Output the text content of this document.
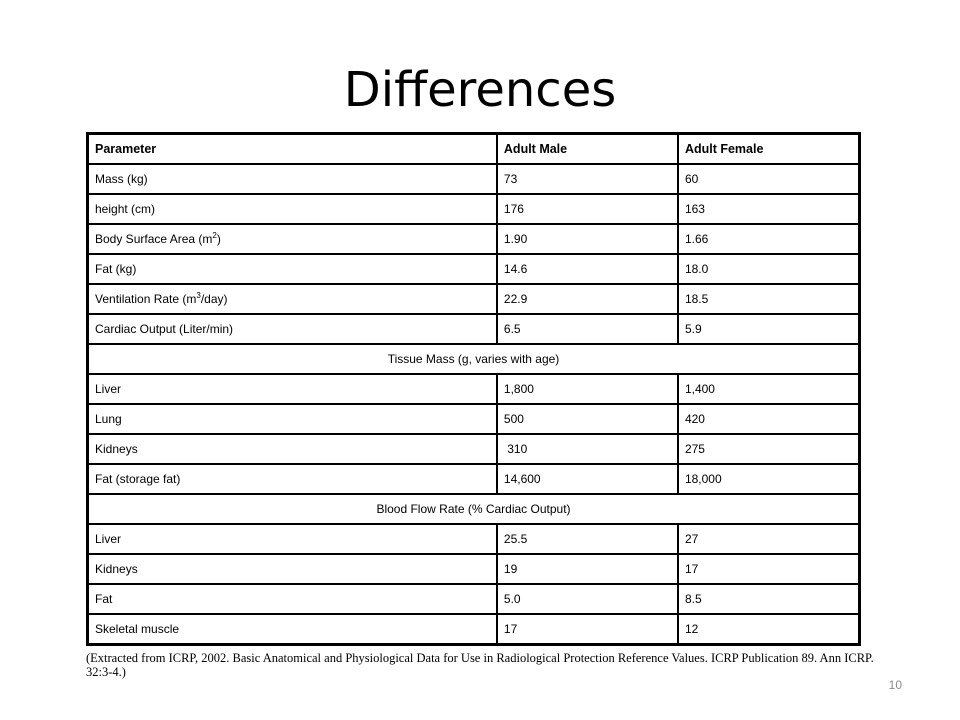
Differences
Parameter	Adult Male	Adult Female
Mass (kg)	73	60
height (cm)	176	163
Body Surface Area $(m^2)$	1.90	1.66
Fat (kg)	14.6	18.0
Ventilation Rate $(m^3/day)$	22.9	18.5
Cardiac Output (Liter/min)	6.5	5.9
Tissue Mass (g, varies with age)		
Liver	1,800	1,400
Lung	500	420
Kidneys	310	275
Fat (storage fat)	14,600	18,000
Blood Flow Rate (% Cardiac Output)		
Liver	25.5	27
Kidneys	19	17
Fat	5.0	8.5
Skeletal muscle	17	12
(Extracted from ICRP, 2002. Basic Anatomical and Physiological Data for Use in Radiological Protection Reference Values. ICRP Publication 89. Ann ICRP. 32:3-4.)
10
